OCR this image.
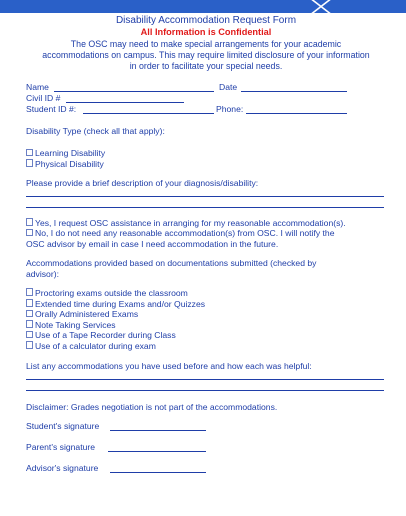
Disability Accommodation Request Form
All Information is Confidential
The OSC may need to make special arrangements for your academic
accommodations on campus. This may require limited disclosure of your information
in order to facilitate your special needs.
Name	Date
Civil ID #
Student ID #:	Phone:
Disability Type (check all that apply):
Learning Disability
Physical Disability
Please provide a brief description of your diagnosis/disability:
Yes, I request OSC assistance in arranging for my reasonable accommodation(s).
No, I do not need any reasonable accommodation(s) from OSC. I will notify the
OSC advisor by email in case I need accommodation in the future.
Accommodations provided based on documentations submitted (checked by
advisor):
Proctoring exams outside the classroom
Extended time during Exams and/or Quizzes
Orally Administered Exams
Note Taking Services
Use of a Tape Recorder during Class
Use of a calculator during exam
List any accommodations you have used before and how each was helpful:
Disclaimer: Grades negotiation is not part of the accommodations.
Student's signature
Parent's signature
Advisor's signature
